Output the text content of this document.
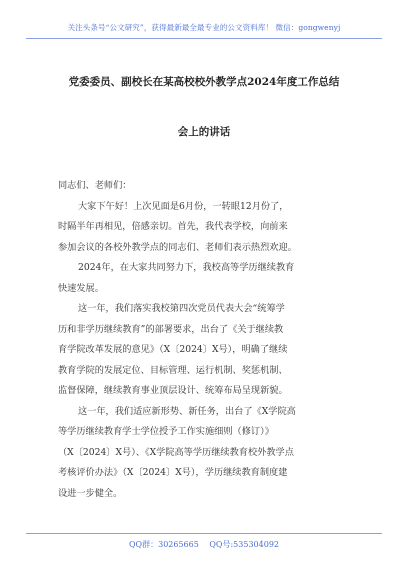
关注头条号“公文研究”，获得最新最全最专业的公文资料库！ 微信：gongwenyj
党委委员、副校长在某高校校外教学点2024年度工作总结
会上的讲话
同志们、老师们：
大家下午好！上次见面是6月份，一转眼12月份了，
时隔半年再相见，倍感亲切。首先，我代表学校，向前来
参加会议的各校外教学点的同志们、老师们表示热烈欢迎。
2024年，在大家共同努力下，我校高等学历继续教育
快速发展。
这一年，我们落实我校第四次党员代表大会“统筹学
历和非学历继续教育”的部署要求，出台了《关于继续教
育学院改革发展的意见》（X〔2024〕X号），明确了继续
教育学院的发展定位、目标管理、运行机制、奖惩机制、
监督保障，继续教育事业顶层设计、统筹布局呈现新貌。
这一年，我们适应新形势、新任务，出台了《X学院高
等学历继续教育学士学位授予工作实施细则（修订）》
（X〔2024〕X号）、《X学院高等学历继续教育校外教学点
考核评价办法》（X〔2024〕X号），学历继续教育制度建
设进一步健全。
QQ群：30265665 QQ号:535304092
